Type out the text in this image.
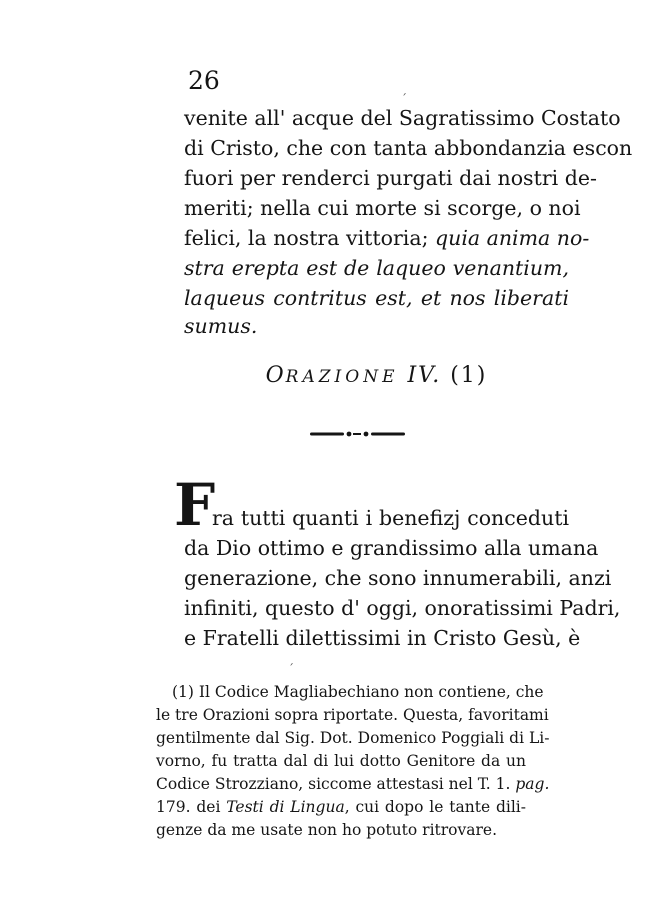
26
venite all' acque del Sagratissimo Costato
di Cristo, che con tanta abbondanzia escon
fuori per renderci purgati dai nostri de-
meriti; nella cui morte si scorge, o noi
felici, la nostra vittoria; quia anima no-
stra erepta est de laqueo venantium,
laqueus contritus est, et nos liberati
sumus.
ORAZIONE IV. (1)
F
ra tutti quanti i benefizj conceduti
da Dio ottimo e grandissimo alla umana
generazione, che sono innumerabili, anzi
infiniti, questo d' oggi, onoratissimi Padri,
e Fratelli dilettissimi in Cristo Gesù, è
(1) Il Codice Magliabechiano non contiene, che
le tre Orazioni sopra riportate. Questa, favoritami
gentilmente dal Sig. Dot. Domenico Poggiali di Li-
vorno, fu tratta dal di lui dotto Genitore da un
Codice Strozziano, siccome attestasi nel T. 1. pag.
179. dei Testi di Lingua, cui dopo le tante dili-
genze da me usate non ho potuto ritrovare.
ˊ
ˊ
